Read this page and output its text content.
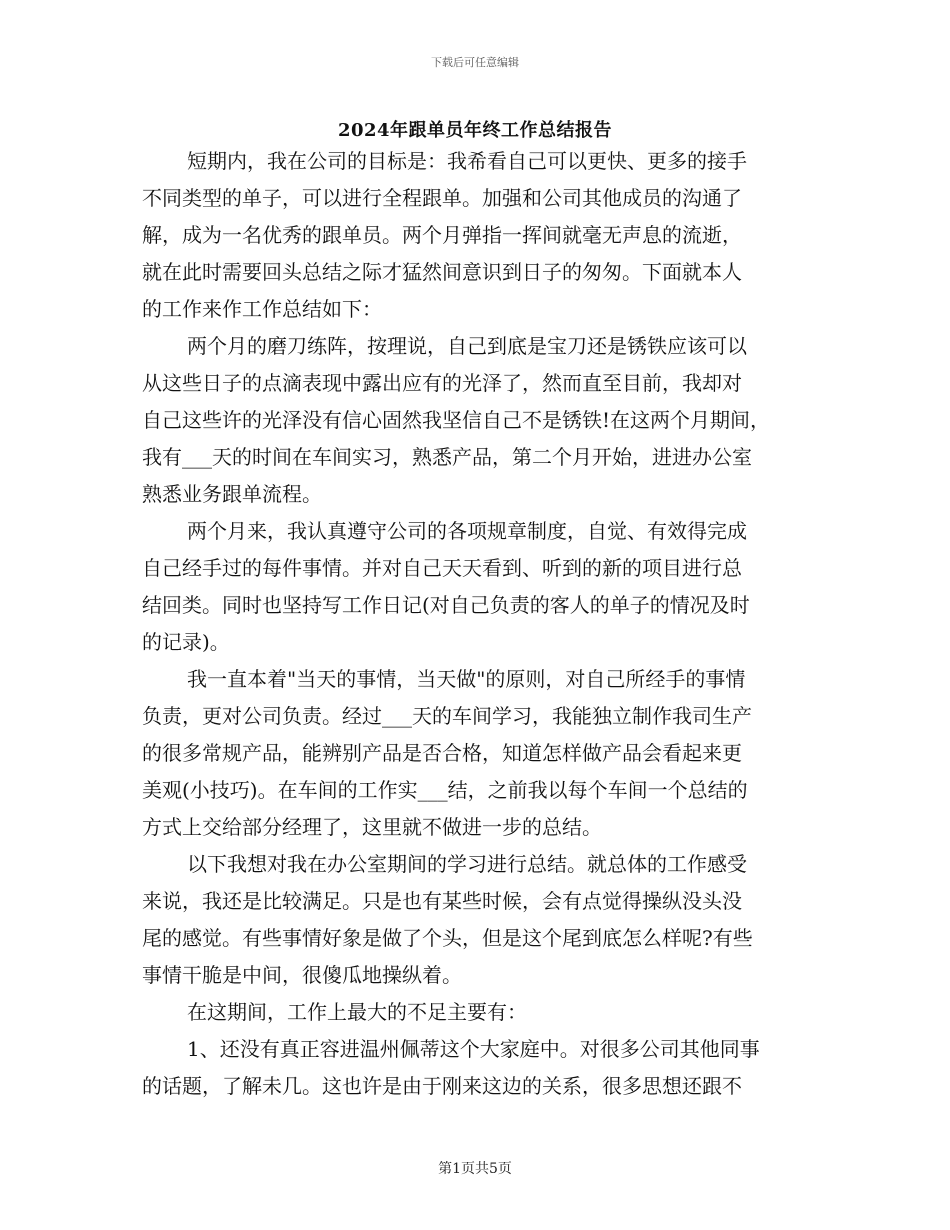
下载后可任意编辑
2024年跟单员年终工作总结报告
短期内，我在公司的目标是：我希看自己可以更快、更多的接手
不同类型的单子，可以进行全程跟单。加强和公司其他成员的沟通了
解，成为一名优秀的跟单员。两个月弹指一挥间就毫无声息的流逝，
就在此时需要回头总结之际才猛然间意识到日子的匆匆。下面就本人
的工作来作工作总结如下：
两个月的磨刀练阵，按理说，自己到底是宝刀还是锈铁应该可以
从这些日子的点滴表现中露出应有的光泽了，然而直至目前，我却对
自己这些许的光泽没有信心固然我坚信自己不是锈铁!在这两个月期间，
我有___天的时间在车间实习，熟悉产品，第二个月开始，进进办公室
熟悉业务跟单流程。
两个月来，我认真遵守公司的各项规章制度，自觉、有效得完成
自己经手过的每件事情。并对自己天天看到、听到的新的项目进行总
结回类。同时也坚持写工作日记(对自己负责的客人的单子的情况及时
的记录)。
我一直本着"当天的事情，当天做"的原则，对自己所经手的事情
负责，更对公司负责。经过___天的车间学习，我能独立制作我司生产
的很多常规产品，能辨别产品是否合格，知道怎样做产品会看起来更
美观(小技巧)。在车间的工作实___结，之前我以每个车间一个总结的
方式上交给部分经理了，这里就不做进一步的总结。
以下我想对我在办公室期间的学习进行总结。就总体的工作感受
来说，我还是比较满足。只是也有某些时候，会有点觉得操纵没头没
尾的感觉。有些事情好象是做了个头，但是这个尾到底怎么样呢?有些
事情干脆是中间，很傻瓜地操纵着。
在这期间，工作上最大的不足主要有：
1、还没有真正容进温州佩蒂这个大家庭中。对很多公司其他同事
的话题，了解未几。这也许是由于刚来这边的关系，很多思想还跟不
第1页共5页
